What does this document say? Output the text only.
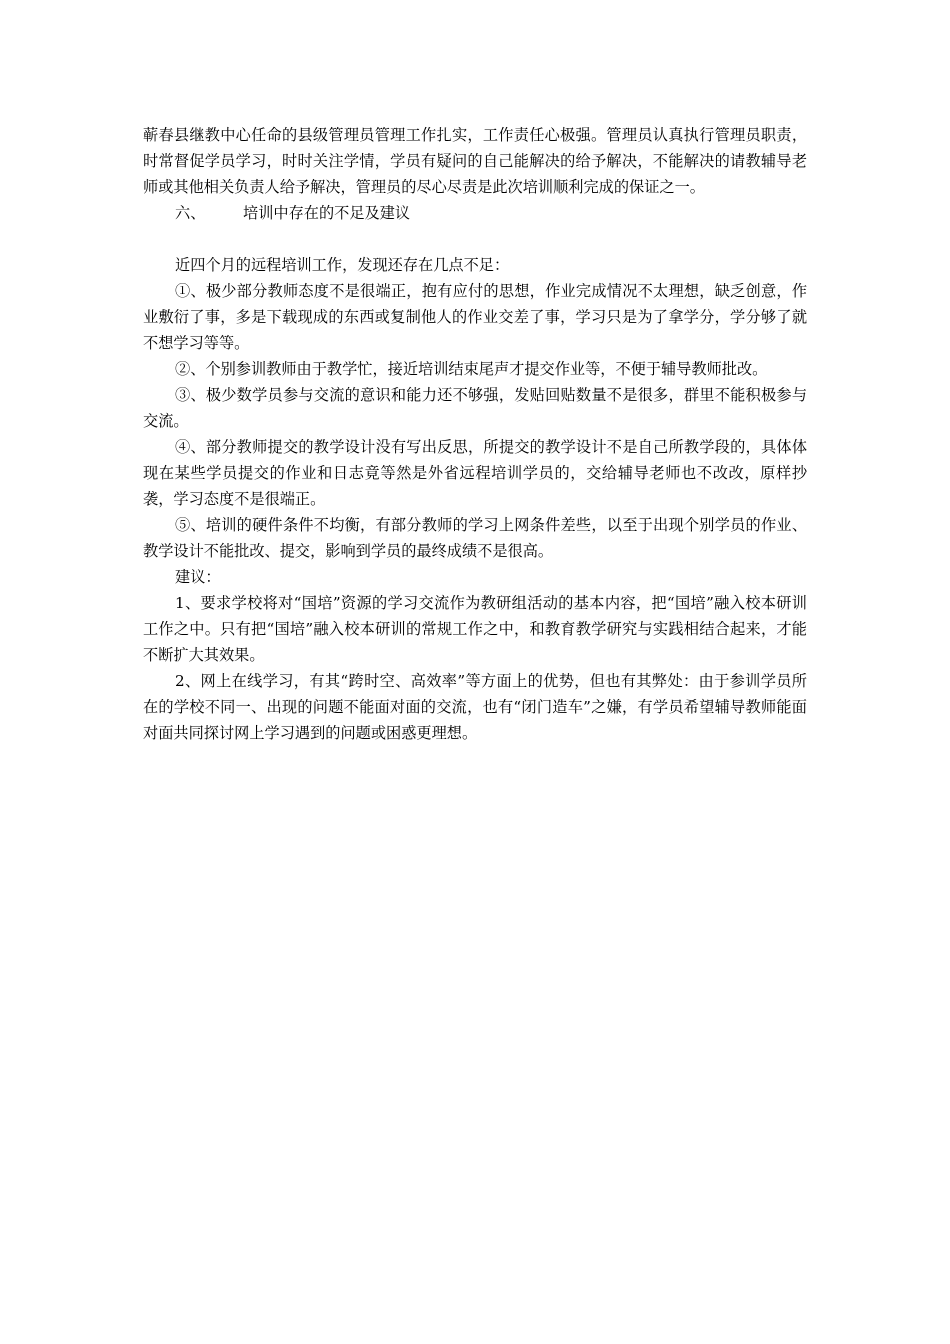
蕲春县继教中心任命的县级管理员管理工作扎实，工作责任心极强。管理员认真执行管理员职责，时常督促学员学习，时时关注学情，学员有疑问的自己能解决的给予解决，不能解决的请教辅导老师或其他相关负责人给予解决，管理员的尽心尽责是此次培训顺利完成的保证之一。

六、 培训中存在的不足及建议

近四个月的远程培训工作，发现还存在几点不足：

①、极少部分教师态度不是很端正，抱有应付的思想，作业完成情况不太理想，缺乏创意，作业敷衍了事，多是下载现成的东西或复制他人的作业交差了事，学习只是为了拿学分，学分够了就不想学习等等。

②、个别参训教师由于教学忙，接近培训结束尾声才提交作业等，不便于辅导教师批改。

③、极少数学员参与交流的意识和能力还不够强，发贴回贴数量不是很多，群里不能积极参与交流。

④、部分教师提交的教学设计没有写出反思，所提交的教学设计不是自己所教学段的，具体体现在某些学员提交的作业和日志竟等然是外省远程培训学员的，交给辅导老师也不改改，原样抄袭，学习态度不是很端正。

⑤、培训的硬件条件不均衡，有部分教师的学习上网条件差些，以至于出现个别学员的作业、教学设计不能批改、提交，影响到学员的最终成绩不是很高。

建议：

1、要求学校将对“国培”资源的学习交流作为教研组活动的基本内容，把“国培”融入校本研训工作之中。只有把“国培”融入校本研训的常规工作之中，和教育教学研究与实践相结合起来，才能不断扩大其效果。

2、网上在线学习，有其“跨时空、高效率”等方面上的优势，但也有其弊处：由于参训学员所在的学校不同一、出现的问题不能面对面的交流，也有“闭门造车”之嫌，有学员希望辅导教师能面对面共同探讨网上学习遇到的问题或困惑更理想。
